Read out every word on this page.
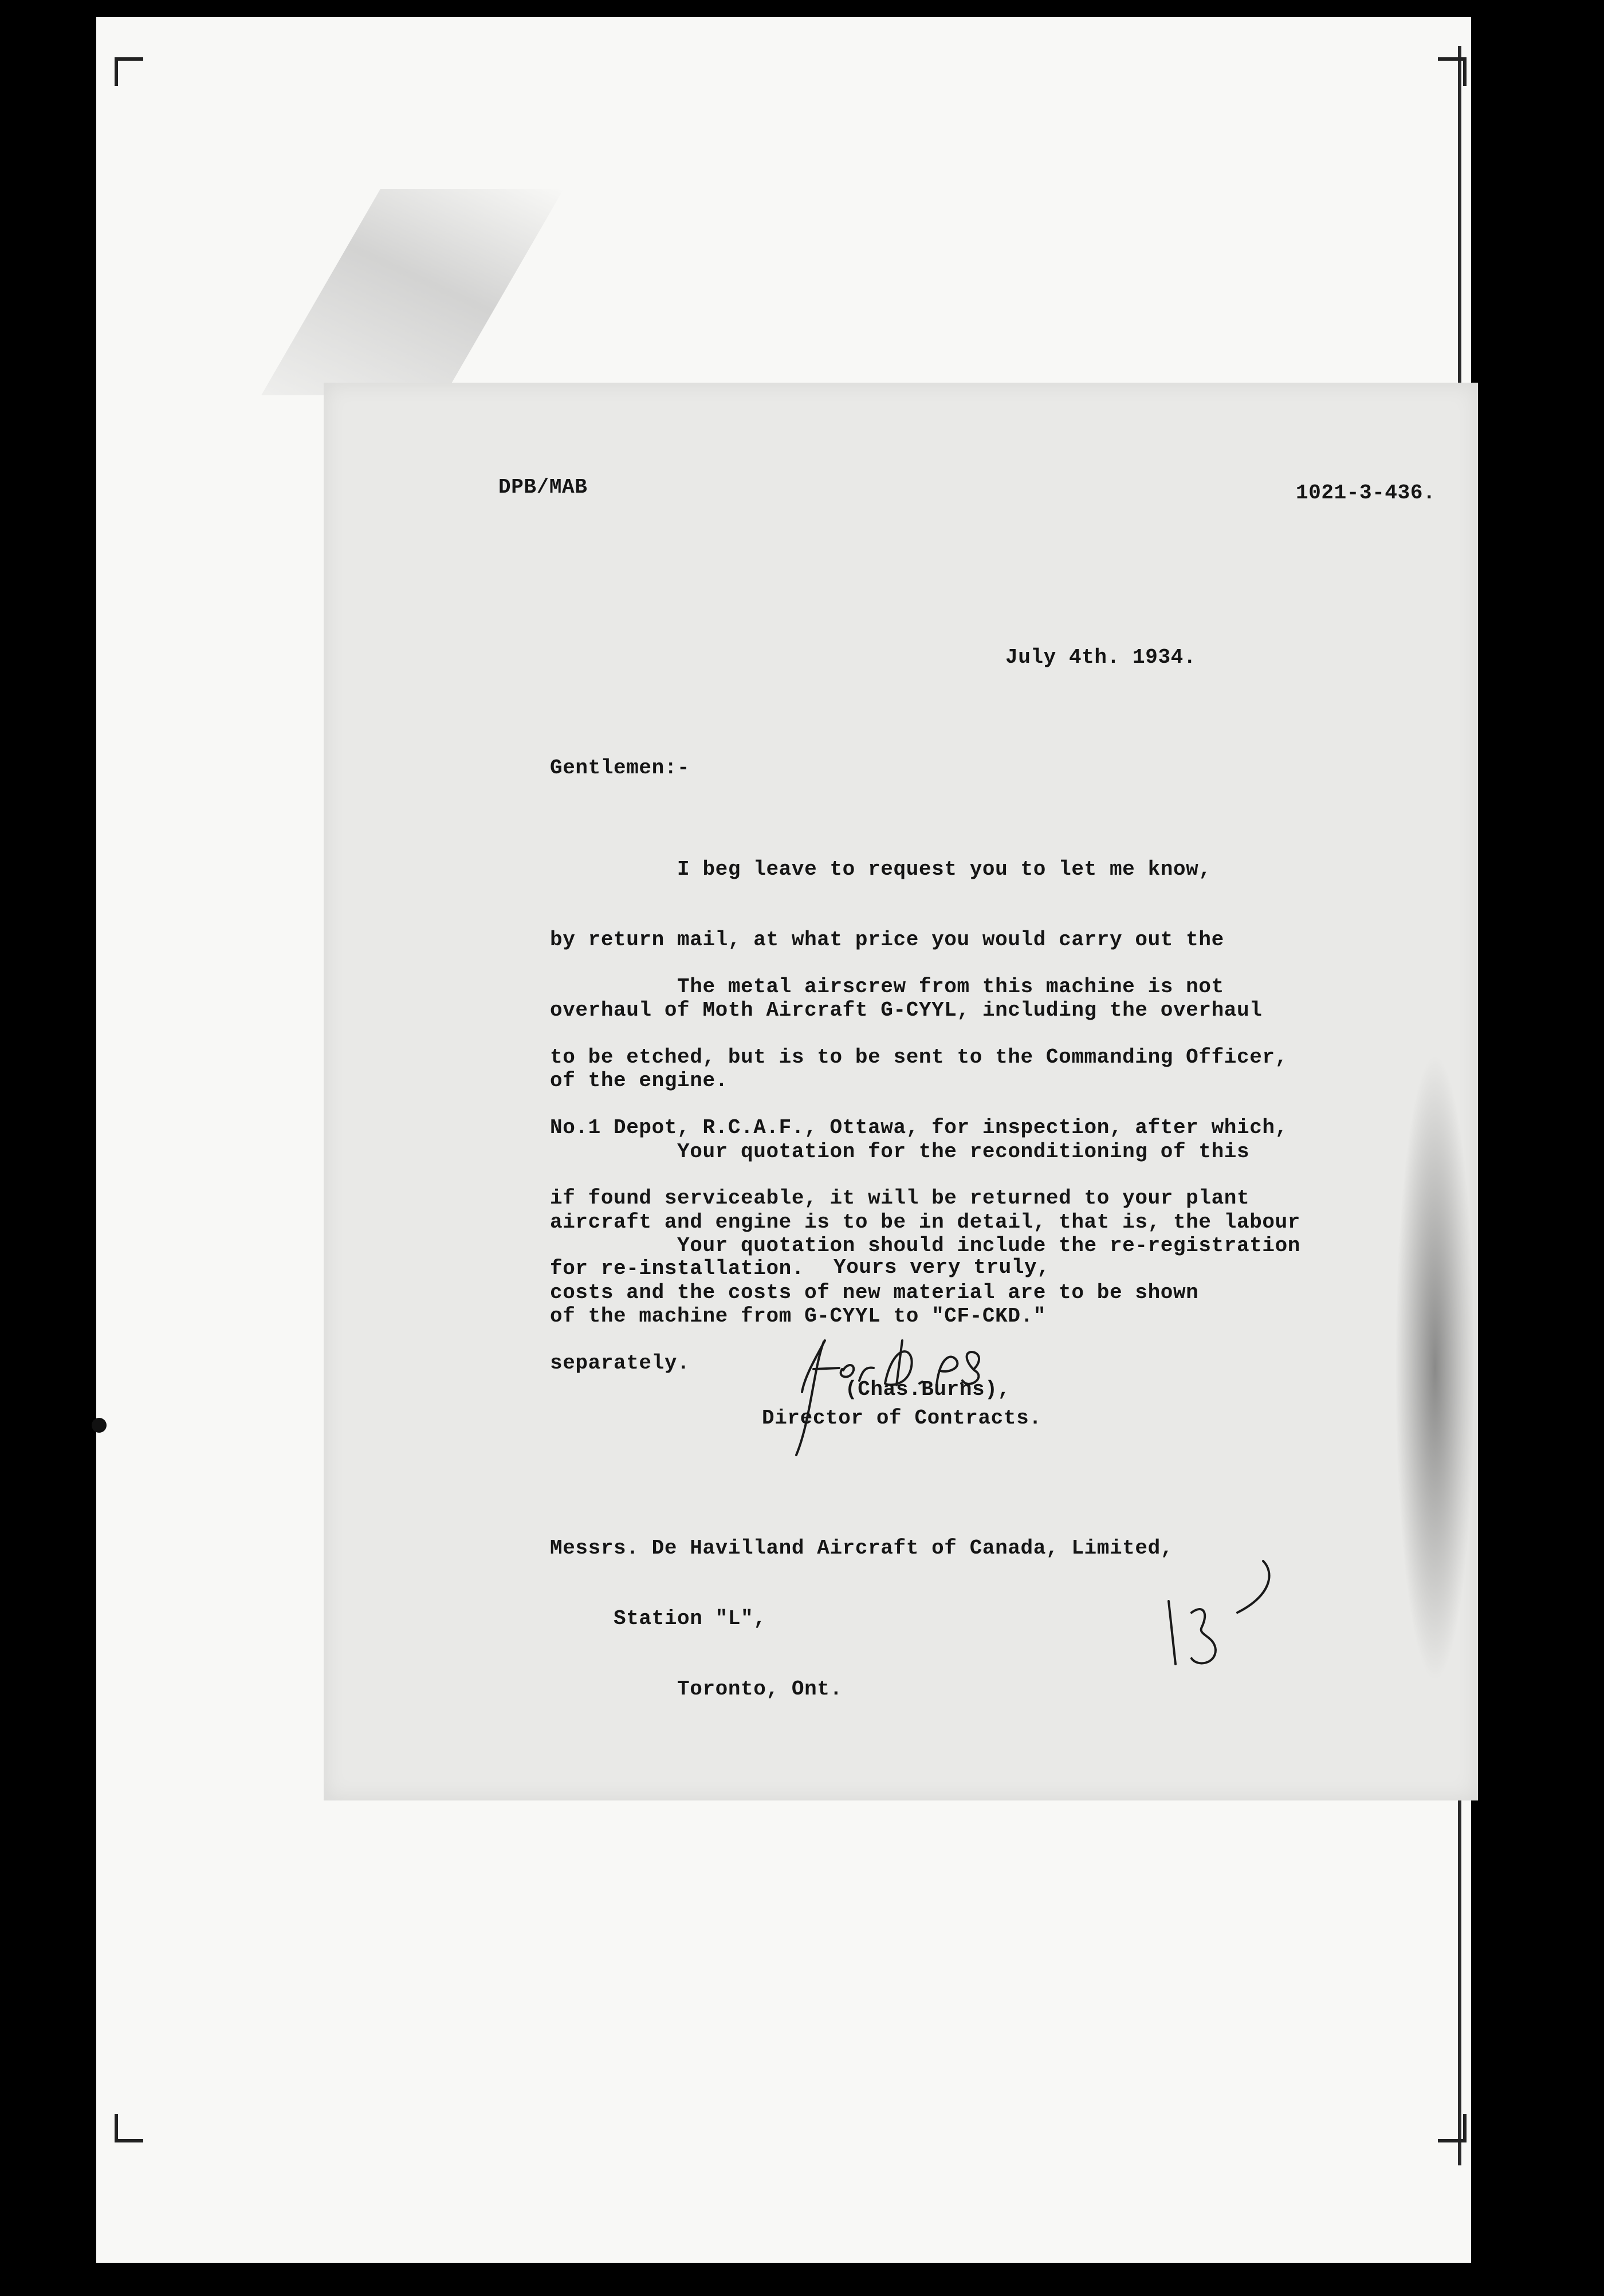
DPB/MAB	1021-3-436.
July 4th. 1934.
Gentlemen:-

I beg leave to request you to let me know,

by return mail, at what price you would carry out the

overhaul of Moth Aircraft G-CYYL, including the overhaul

of the engine.

The metal airscrew from this machine is not

to be etched, but is to be sent to the Commanding Officer,

No.1 Depot, R.C.A.F., Ottawa, for inspection, after which,

if found serviceable, it will be returned to your plant

for re-installation.

Your quotation for the reconditioning of this

aircraft and engine is to be in detail, that is, the labour

costs and the costs of new material are to be shown

separately.

Your quotation should include the re-registration

of the machine from G-CYYL to "CF-CKD."

Yours very truly,
(Chas.Burns),
Director of Contracts.

Messrs. De Havilland Aircraft of Canada, Limited,

Station "L",

Toronto, Ont.
